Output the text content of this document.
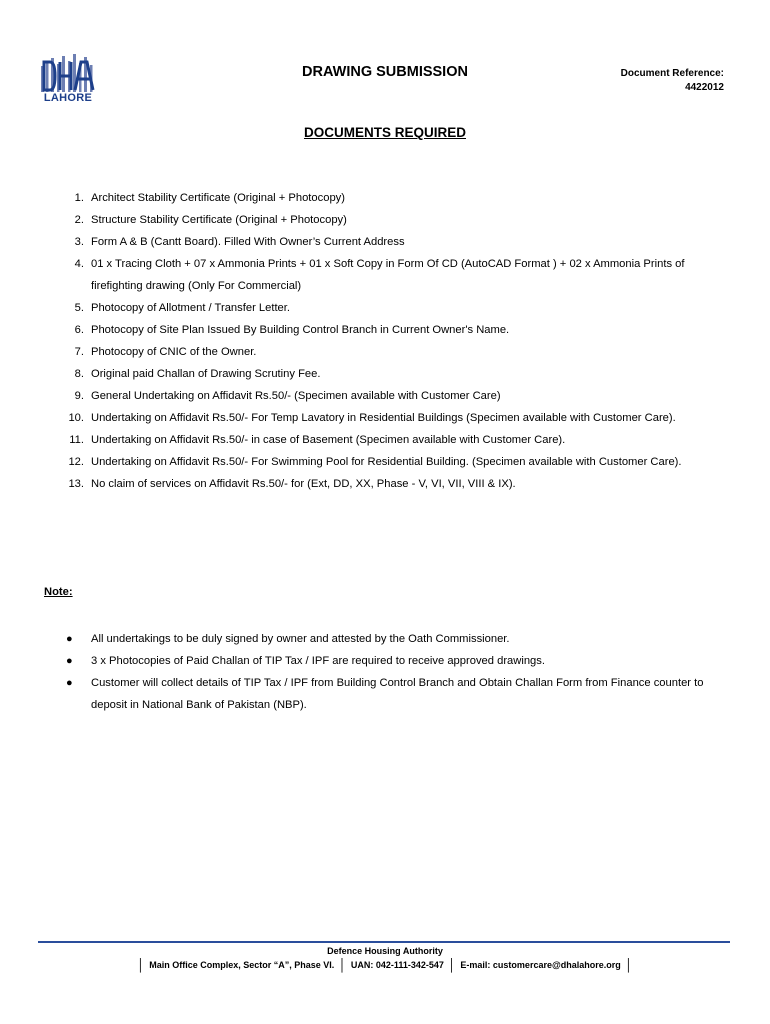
LAHORE
DRAWING SUBMISSION	Document Reference:
4422012
DOCUMENTS REQUIRED
1. Architect Stability Certificate (Original + Photocopy)
2. Structure Stability Certificate (Original + Photocopy)
3. Form A & B (Cantt Board). Filled With Owner’s Current Address
4. 01 x Tracing Cloth + 07 x Ammonia Prints + 01 x Soft Copy in Form Of CD (AutoCAD Format ) + 02 x Ammonia Prints of firefighting drawing (Only For Commercial)
5. Photocopy of Allotment / Transfer Letter.
6. Photocopy of Site Plan Issued By Building Control Branch in Current Owner's Name.
7. Photocopy of CNIC of the Owner.
8. Original paid Challan of Drawing Scrutiny Fee.
9. General Undertaking on Affidavit Rs.50/- (Specimen available with Customer Care)
10. Undertaking on Affidavit Rs.50/- For Temp Lavatory in Residential Buildings (Specimen available with Customer Care).
11. Undertaking on Affidavit Rs.50/- in case of Basement (Specimen available with Customer Care).
12. Undertaking on Affidavit Rs.50/- For Swimming Pool for Residential Building. (Specimen available with Customer Care).
13. No claim of services on Affidavit Rs.50/- for (Ext, DD, XX, Phase - V, VI, VII, VIII & IX).
Note:
● All undertakings to be duly signed by owner and attested by the Oath Commissioner.
● 3 x Photocopies of Paid Challan of TIP Tax / IPF are required to receive approved drawings.
● Customer will collect details of TIP Tax / IPF from Building Control Branch and Obtain Challan Form from Finance counter to deposit in National Bank of Pakistan (NBP).
Defence Housing Authority
│ Main Office Complex, Sector “A”, Phase VI. │ UAN: 042-111-342-547 │ E-mail: customercare@dhalahore.org │
